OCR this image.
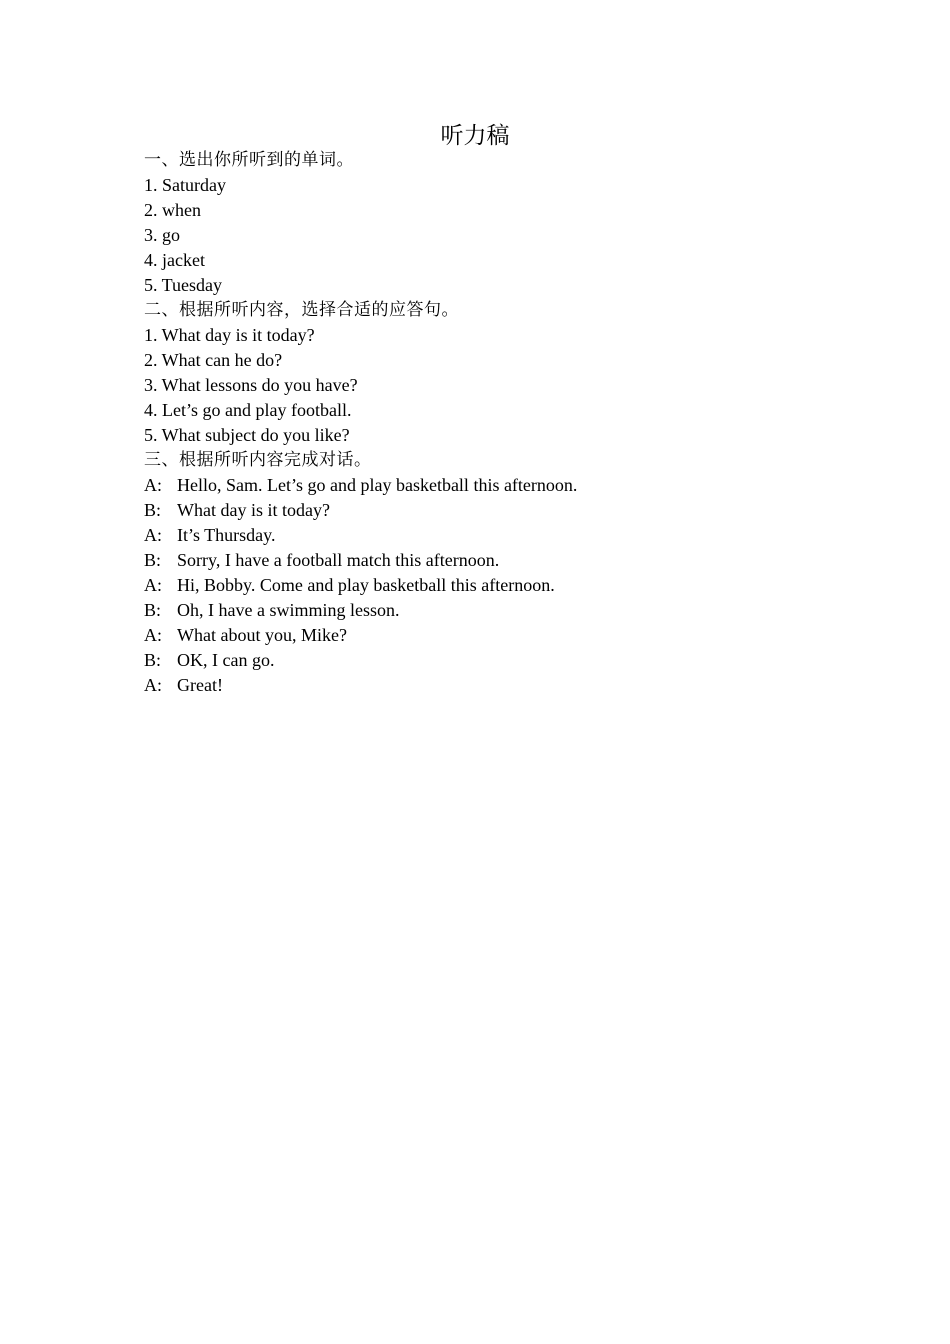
听力稿
一、选出你所听到的单词。
1. Saturday
2. when
3. go
4. jacket
5. Tuesday
二、根据所听内容，选择合适的应答句。
1. What day is it today?
2. What can he do?
3. What lessons do you have?
4. Let’s go and play football.
5. What subject do you like?
三、根据所听内容完成对话。
A: Hello, Sam. Let’s go and play basketball this afternoon.
B: What day is it today?
A: It’s Thursday.
B: Sorry, I have a football match this afternoon.
A: Hi, Bobby. Come and play basketball this afternoon.
B: Oh, I have a swimming lesson.
A: What about you, Mike?
B: OK, I can go.
A: Great!
